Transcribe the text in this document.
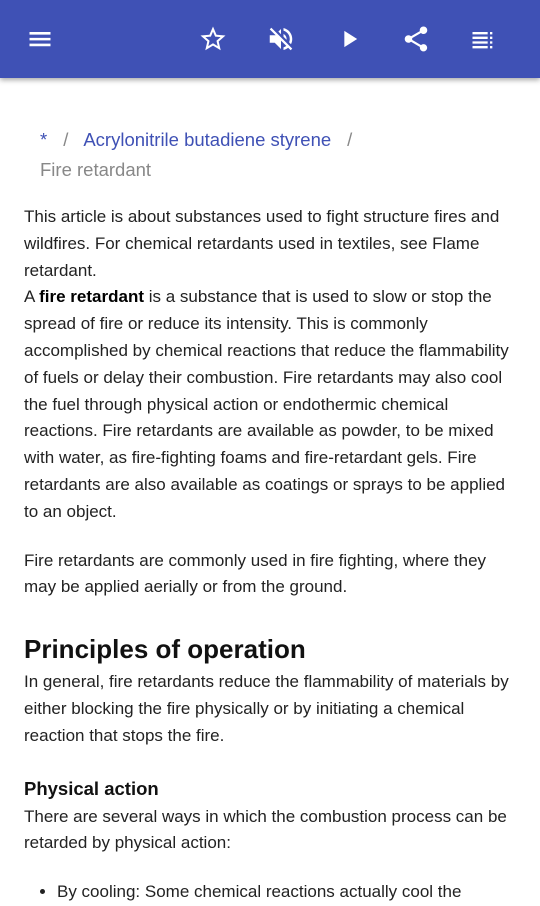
* / Acrylonitrile butadiene styrene /
Fire retardant

This article is about substances used to fight structure fires and wildfires. For chemical retardants used in textiles, see Flame retardant.

A fire retardant is a substance that is used to slow or stop the spread of fire or reduce its intensity. This is commonly accomplished by chemical reactions that reduce the flammability of fuels or delay their combustion. Fire retardants may also cool the fuel through physical action or endothermic chemical reactions. Fire retardants are available as powder, to be mixed with water, as fire-fighting foams and fire-retardant gels. Fire retardants are also available as coatings or sprays to be applied to an object.

Fire retardants are commonly used in fire fighting, where they may be applied aerially or from the ground.

Principles of operation

In general, fire retardants reduce the flammability of materials by either blocking the fire physically or by initiating a chemical reaction that stops the fire.

Physical action

There are several ways in which the combustion process can be retarded by physical action:

• By cooling: Some chemical reactions actually cool the
